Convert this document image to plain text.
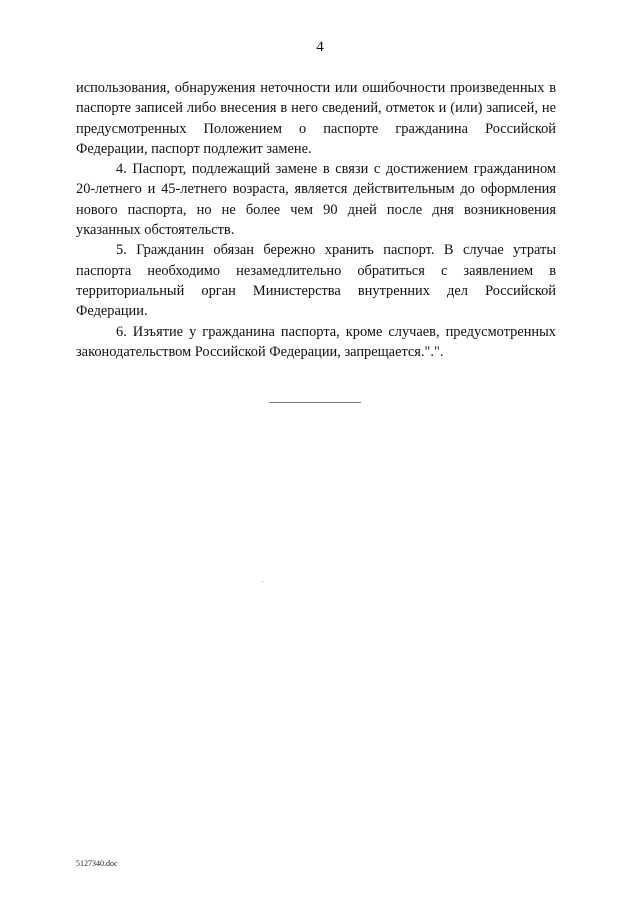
4

использования, обнаружения неточности или ошибочности произведенных в паспорте записей либо внесения в него сведений, отметок и (или) записей, не предусмотренных Положением о паспорте гражданина Российской Федерации, паспорт подлежит замене.

4. Паспорт, подлежащий замене в связи с достижением гражданином 20-летнего и 45-летнего возраста, является действительным до оформления нового паспорта, но не более чем 90 дней после дня возникновения указанных обстоятельств.

5. Гражданин обязан бережно хранить паспорт. В случае утраты паспорта необходимо незамедлительно обратиться с заявлением в территориальный орган Министерства внутренних дел Российской Федерации.

6. Изъятие у гражданина паспорта, кроме случаев, предусмотренных законодательством Российской Федерации, запрещается.".".

5127340.doc
